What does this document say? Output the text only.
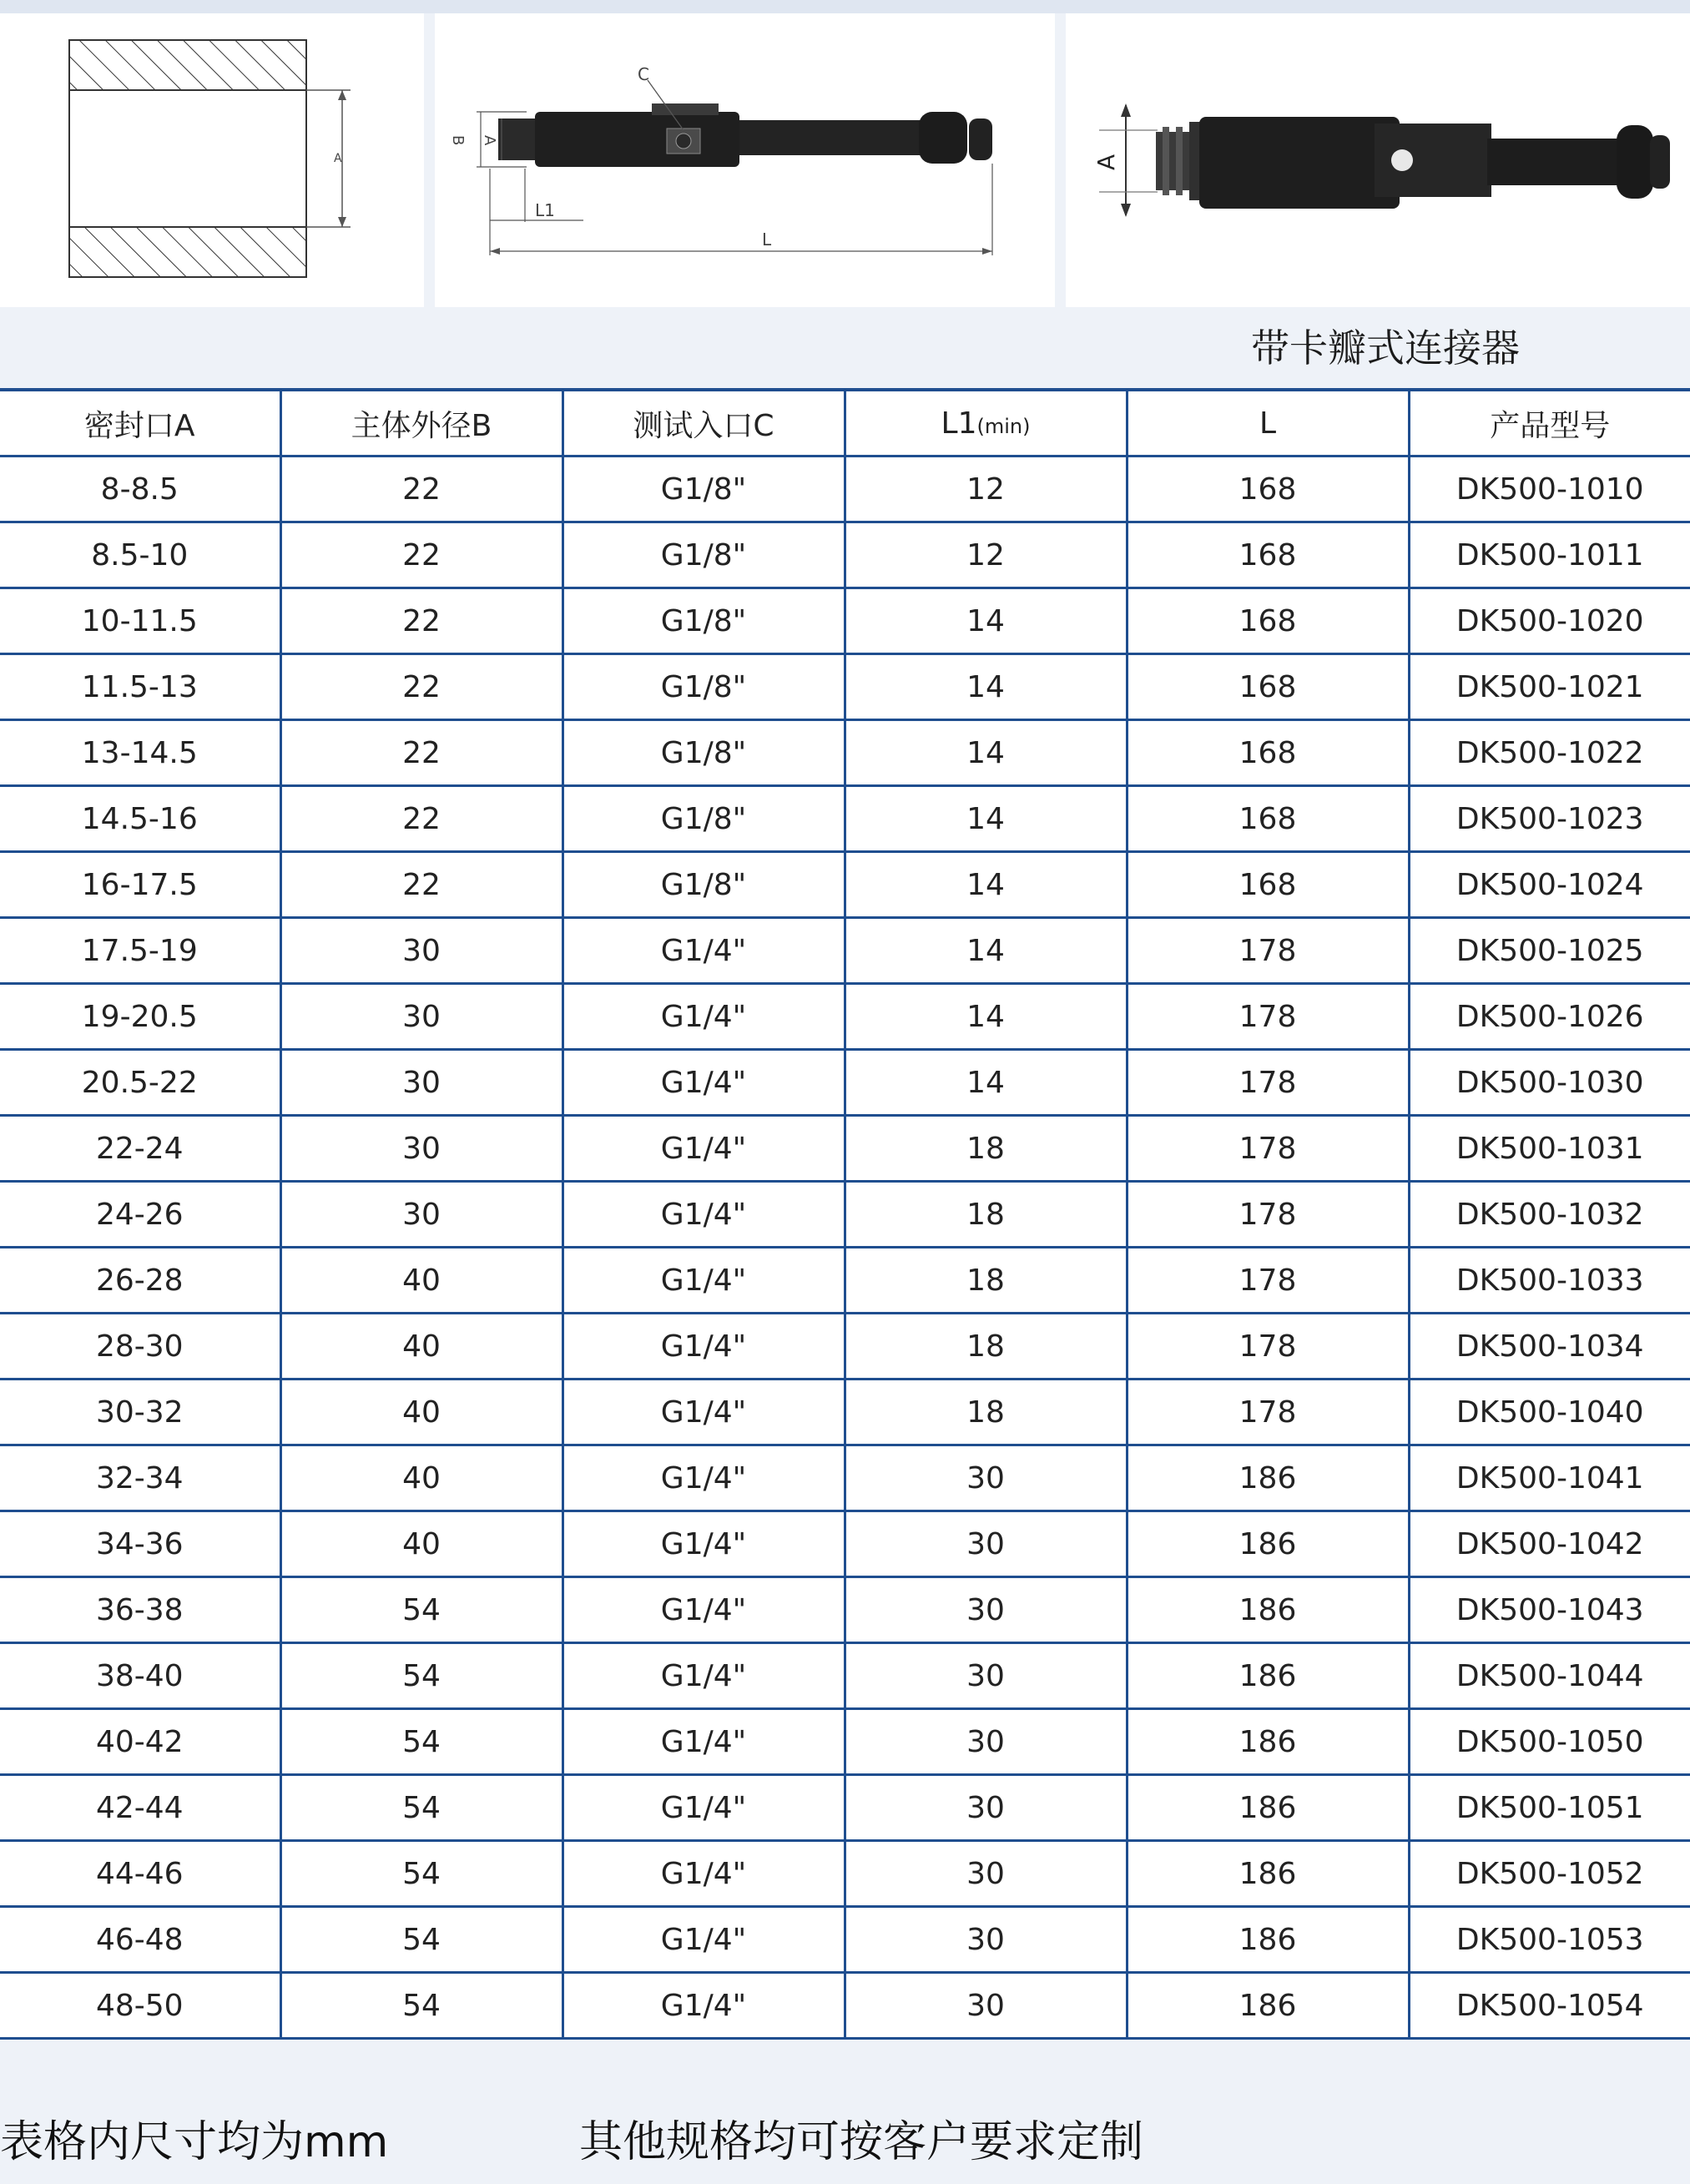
A
C
B A
L1
L
A
带卡瓣式连接器
密封口A	主体外径B	测试入口C	L1(min)	L	产品型号
8-8.5	22	G1/8"	12	168	DK500-1010
8.5-10	22	G1/8"	12	168	DK500-1011
10-11.5	22	G1/8"	14	168	DK500-1020
11.5-13	22	G1/8"	14	168	DK500-1021
13-14.5	22	G1/8"	14	168	DK500-1022
14.5-16	22	G1/8"	14	168	DK500-1023
16-17.5	22	G1/8"	14	168	DK500-1024
17.5-19	30	G1/4"	14	178	DK500-1025
19-20.5	30	G1/4"	14	178	DK500-1026
20.5-22	30	G1/4"	14	178	DK500-1030
22-24	30	G1/4"	18	178	DK500-1031
24-26	30	G1/4"	18	178	DK500-1032
26-28	40	G1/4"	18	178	DK500-1033
28-30	40	G1/4"	18	178	DK500-1034
30-32	40	G1/4"	18	178	DK500-1040
32-34	40	G1/4"	30	186	DK500-1041
34-36	40	G1/4"	30	186	DK500-1042
36-38	54	G1/4"	30	186	DK500-1043
38-40	54	G1/4"	30	186	DK500-1044
40-42	54	G1/4"	30	186	DK500-1050
42-44	54	G1/4"	30	186	DK500-1051
44-46	54	G1/4"	30	186	DK500-1052
46-48	54	G1/4"	30	186	DK500-1053
48-50	54	G1/4"	30	186	DK500-1054
表格内尺寸均为mm	其他规格均可按客户要求定制
